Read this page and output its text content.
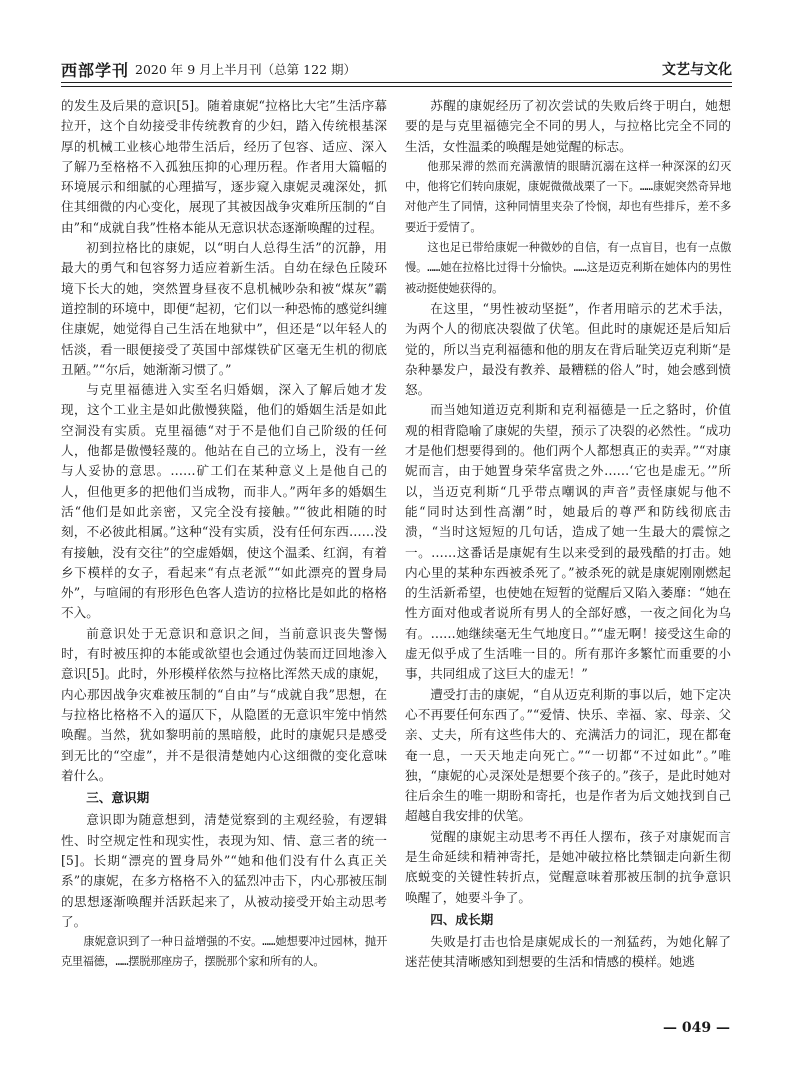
西部学刊 2020 年 9 月上半月刊（总第 122 期）	文艺与文化

的发生及后果的意识[5]。随着康妮“拉格比大宅”生活序幕拉开，这个自幼接受非传统教育的少妇，踏入传统根基深厚的机械工业核心地带生活后，经历了包容、适应、深入了解乃至格格不入孤独压抑的心理历程。作者用大篇幅的环境展示和细腻的心理描写，逐步窥入康妮灵魂深处，抓住其细微的内心变化，展现了其被因战争灾难所压制的“自由”和“成就自我”性格本能从无意识状态逐渐唤醒的过程。

初到拉格比的康妮，以“明白人总得生活”的沉静，用最大的勇气和包容努力适应着新生活。自幼在绿色丘陵环境下长大的她，突然置身昼夜不息机械吵杂和被“煤灰”霸道控制的环境中，即便“起初，它们以一种恐怖的感觉纠缠住康妮，她觉得自己生活在地狱中”，但还是“以年轻人的恬淡，看一眼便接受了英国中部煤铁矿区毫无生机的彻底丑陋。”“尔后，她渐渐习惯了。”

与克里福德进入实至名归婚姻，深入了解后她才发现，这个工业主是如此傲慢狭隘，他们的婚姻生活是如此空洞没有实质。克里福德“对于不是他们自己阶级的任何人，他都是傲慢轻蔑的。他站在自己的立场上，没有一丝与人妥协的意思。……矿工们在某种意义上是他自己的人，但他更多的把他们当成物，而非人。”两年多的婚姻生活“他们是如此亲密，又完全没有接触。”“彼此相随的时刻，不必彼此相属。”这种“没有实质，没有任何东西……没有接触，没有交往”的空虚婚姻，使这个温柔、红润，有着乡下模样的女子，看起来“有点老派”“如此漂亮的置身局外”，与喧闹的有形形色色客人造访的拉格比是如此的格格不入。

前意识处于无意识和意识之间，当前意识丧失警惕时，有时被压抑的本能或欲望也会通过伪装而迂回地渗入意识[5]。此时，外形模样依然与拉格比浑然天成的康妮，内心那因战争灾难被压制的“自由”与“成就自我”思想，在与拉格比格格不入的逼仄下，从隐匿的无意识牢笼中悄然唤醒。当然，犹如黎明前的黑暗般，此时的康妮只是感受到无比的“空虚”，并不是很清楚她内心这细微的变化意味着什么。

三、意识期

意识即为随意想到，清楚觉察到的主观经验，有逻辑性、时空规定性和现实性，表现为知、情、意三者的统一[5]。长期“漂亮的置身局外”“她和他们没有什么真正关系”的康妮，在多方格格不入的猛烈冲击下，内心那被压制的思想逐渐唤醒并活跃起来了，从被动接受开始主动思考了。

康妮意识到了一种日益增强的不安。……她想要冲过园林，抛开克里福德，……摆脱那座房子，摆脱那个家和所有的人。

苏醒的康妮经历了初次尝试的失败后终于明白，她想要的是与克里福德完全不同的男人，与拉格比完全不同的生活，女性温柔的唤醒是她觉醒的标志。

他那呆滞的然而充满激情的眼睛沉溺在这样一种深深的幻灭中，他将它们转向康妮，康妮微微战栗了一下。……康妮突然奇异地对他产生了同情，这种同情里夹杂了怜悯，却也有些排斥，差不多要近于爱情了。

这也足已带给康妮一种微妙的自信，有一点盲目，也有一点傲慢。……她在拉格比过得十分愉快。……这是迈克利斯在她体内的男性被动挺使她获得的。

在这里，“男性被动坚挺”，作者用暗示的艺术手法，为两个人的彻底决裂做了伏笔。但此时的康妮还是后知后觉的，所以当克利福德和他的朋友在背后耻笑迈克利斯“是杂种暴发户，最没有教养、最糟糕的俗人”时，她会感到愤怒。

而当她知道迈克利斯和克利福德是一丘之貉时，价值观的相背隐喻了康妮的失望，预示了决裂的必然性。“成功才是他们想要得到的。他们两个人都想真正的卖弄。”“对康妮而言，由于她置身荣华富贵之外……‘它也是虚无。’”所以，当迈克利斯“几乎带点嘲讽的声音”责怪康妮与他不能“同时达到性高潮”时，她最后的尊严和防线彻底击溃，“当时这短短的几句话，造成了她一生最大的震惊之一。……这番话是康妮有生以来受到的最残酷的打击。她内心里的某种东西被杀死了。”被杀死的就是康妮刚刚燃起的生活新希望，也使她在短暂的觉醒后又陷入萎靡：“她在性方面对他或者说所有男人的全部好感，一夜之间化为乌有。……她继续毫无生气地度日。”“虚无啊！接受这生命的虚无似乎成了生活唯一目的。所有那许多繁忙而重要的小事，共同组成了这巨大的虚无！”

遭受打击的康妮，“自从迈克利斯的事以后，她下定决心不再要任何东西了。”“爱情、快乐、幸福、家、母亲、父亲、丈夫，所有这些伟大的、充满活力的词汇，现在都奄奄一息，一天天地走向死亡。”“一切都“不过如此”。”唯独，“康妮的心灵深处是想要个孩子的。”孩子，是此时她对往后余生的唯一期盼和寄托，也是作者为后文她找到自己超越自我安排的伏笔。

觉醒的康妮主动思考不再任人摆布，孩子对康妮而言是生命延续和精神寄托，是她冲破拉格比禁锢走向新生彻底蜕变的关键性转折点，觉醒意味着那被压制的抗争意识唤醒了，她要斗争了。

四、成长期

失败是打击也恰是康妮成长的一剂猛药，为她化解了迷茫使其清晰感知到想要的生活和情感的模样。她逃

— 049 —
